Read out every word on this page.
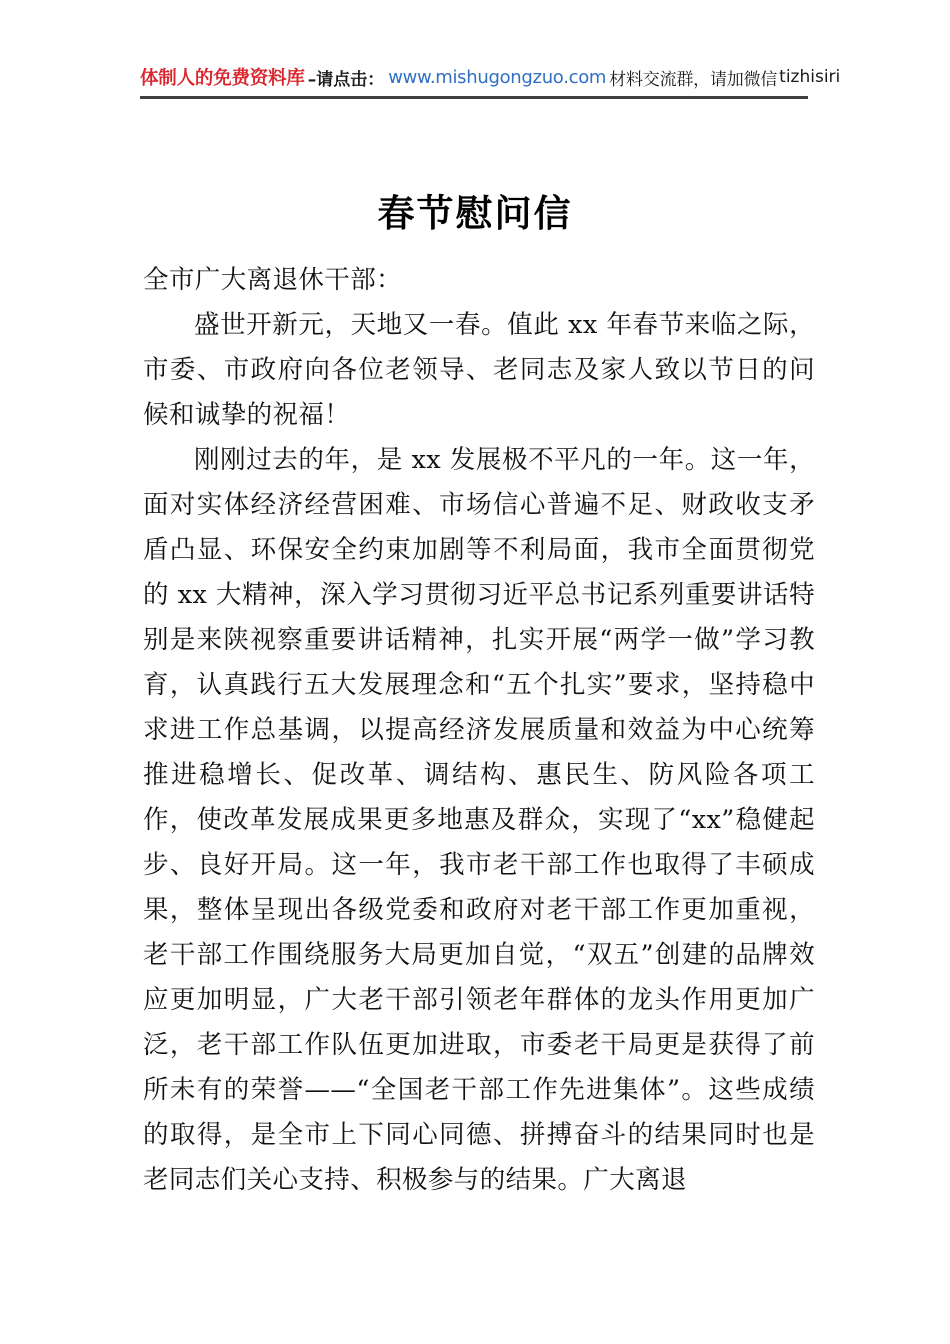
体制人的免费资料库 –请点击： www.mishugongzuo.com 材料交流群，请加微信 tizhisiri
春节慰问信

全市广大离退休干部：

盛世开新元，天地又一春。值此 xx 年春节来临之际，市委、市政府向各位老领导、老同志及家人致以节日的问候和诚挚的祝福！

刚刚过去的年，是 xx 发展极不平凡的一年。这一年，面对实体经济经营困难、市场信心普遍不足、财政收支矛盾凸显、环保安全约束加剧等不利局面，我市全面贯彻党的 xx 大精神，深入学习贯彻习近平总书记系列重要讲话特别是来陕视察重要讲话精神，扎实开展“两学一做”学习教育，认真践行五大发展理念和“五个扎实”要求，坚持稳中求进工作总基调，以提高经济发展质量和效益为中心统筹推进稳增长、促改革、调结构、惠民生、防风险各项工作，使改革发展成果更多地惠及群众，实现了“xx”稳健起步、良好开局。这一年，我市老干部工作也取得了丰硕成果，整体呈现出各级党委和政府对老干部工作更加重视，老干部工作围绕服务大局更加自觉，“双五”创建的品牌效应更加明显，广大老干部引领老年群体的龙头作用更加广泛，老干部工作队伍更加进取，市委老干局更是获得了前所未有的荣誉——“全国老干部工作先进集体”。这些成绩的取得，是全市上下同心同德、拼搏奋斗的结果同时也是老同志们关心支持、积极参与的结果。广大离退
